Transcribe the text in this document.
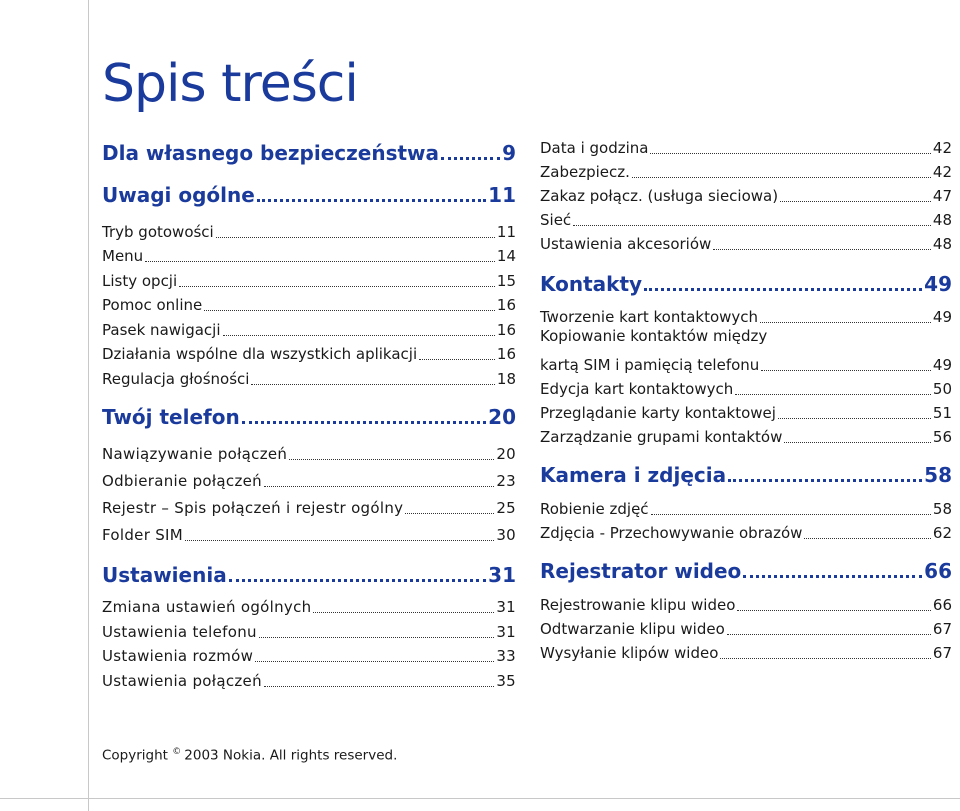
Spis treści
Dla własnego bezpieczeństwa	9
Uwagi ogólne	11
Tryb gotowości	11
Menu	14
Listy opcji	15
Pomoc online	16
Pasek nawigacji	16
Działania wspólne dla wszystkich aplikacji	16
Regulacja głośności	18
Twój telefon	20
Nawiązywanie połączeń	20
Odbieranie połączeń	23
Rejestr – Spis połączeń i rejestr ogólny	25
Folder SIM	30
Ustawienia	31
Zmiana ustawień ogólnych	31
Ustawienia telefonu	31
Ustawienia rozmów	33
Ustawienia połączeń	35
Data i godzina	42
Zabezpiecz.	42
Zakaz połącz. (usługa sieciowa)	47
Sieć	48
Ustawienia akcesoriów	48
Kontakty	49
Tworzenie kart kontaktowych	49
Kopiowanie kontaktów między
kartą SIM i pamięcią telefonu	49
Edycja kart kontaktowych	50
Przeglądanie karty kontaktowej	51
Zarządzanie grupami kontaktów	56
Kamera i zdjęcia	58
Robienie zdjęć	58
Zdjęcia - Przechowywanie obrazów	62
Rejestrator wideo	66
Rejestrowanie klipu wideo	66
Odtwarzanie klipu wideo	67
Wysyłanie klipów wideo	67
Copyright © 2003 Nokia. All rights reserved.
